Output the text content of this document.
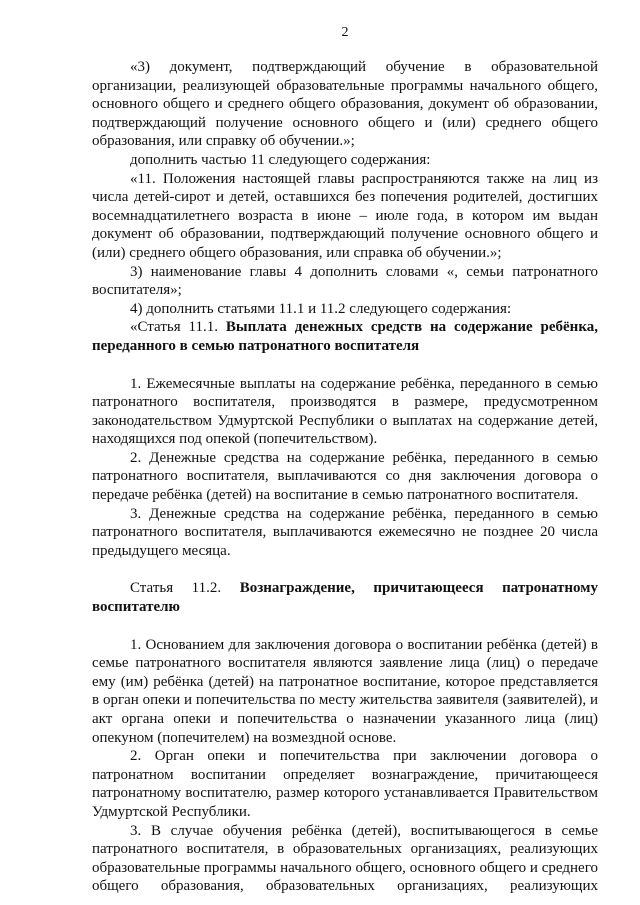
2

«3) документ, подтверждающий обучение в образовательной организации, реализующей образовательные программы начального общего, основного общего и среднего общего образования, документ об образовании, подтверждающий получение основного общего и (или) среднего общего образования, или справку об обучении.»;

дополнить частью 11 следующего содержания:

«11. Положения настоящей главы распространяются также на лиц из числа детей-сирот и детей, оставшихся без попечения родителей, достигших восемнадцатилетнего возраста в июне – июле года, в котором им выдан документ об образовании, подтверждающий получение основного общего и (или) среднего общего образования, или справка об обучении.»;

3) наименование главы 4 дополнить словами «, семьи патронатного воспитателя»;

4) дополнить статьями 11.1 и 11.2 следующего содержания:

«Статья 11.1. Выплата денежных средств на содержание ребёнка, переданного в семью патронатного воспитателя

1. Ежемесячные выплаты на содержание ребёнка, переданного в семью патронатного воспитателя, производятся в размере, предусмотренном законодательством Удмуртской Республики о выплатах на содержание детей, находящихся под опекой (попечительством).

2. Денежные средства на содержание ребёнка, переданного в семью патронатного воспитателя, выплачиваются со дня заключения договора о передаче ребёнка (детей) на воспитание в семью патронатного воспитателя.

3. Денежные средства на содержание ребёнка, переданного в семью патронатного воспитателя, выплачиваются ежемесячно не позднее 20 числа предыдущего месяца.

Статья 11.2. Вознаграждение, причитающееся патронатному воспитателю

1. Основанием для заключения договора о воспитании ребёнка (детей) в семье патронатного воспитателя являются заявление лица (лиц) о передаче ему (им) ребёнка (детей) на патронатное воспитание, которое представляется в орган опеки и попечительства по месту жительства заявителя (заявителей), и акт органа опеки и попечительства о назначении указанного лица (лиц) опекуном (попечителем) на возмездной основе.

2. Орган опеки и попечительства при заключении договора о патронатном воспитании определяет вознаграждение, причитающееся патронатному воспитателю, размер которого устанавливается Правительством Удмуртской Республики.

3. В случае обучения ребёнка (детей), воспитывающегося в семье патронатного воспитателя, в образовательных организациях, реализующих образовательные программы начального общего, основного общего и среднего общего образования, образовательных организациях, реализующих
